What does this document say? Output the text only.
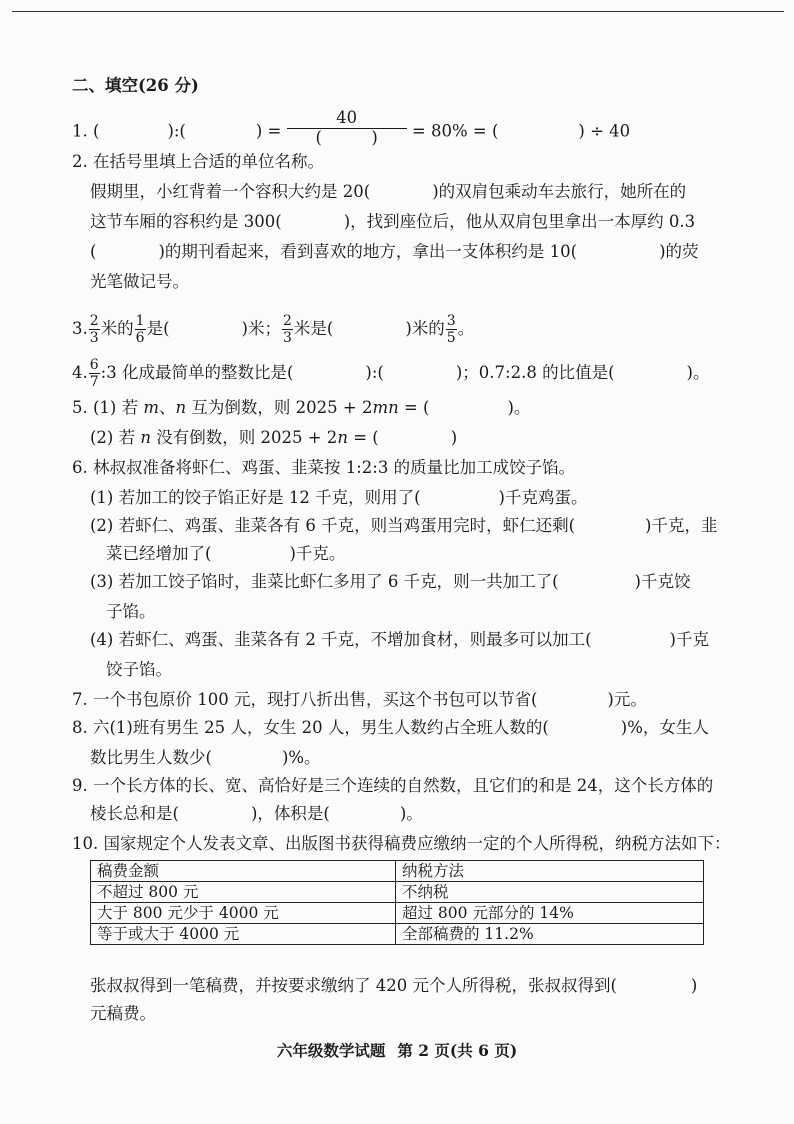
二、填空(26 分)
1. (	):(	) = $\frac{40}{( )} = 80\%$ = (	) ÷ 40
2. 在括号里填上合适的单位名称。
假期里，小红背着一个容积大约是 20(	)的双肩包乘动车去旅行，她所在的
这节车厢的容积约是 300(	)，找到座位后，他从双肩包里拿出一本厚约 0.3
(	)的期刊看起来，看到喜欢的地方，拿出一支体积约是 10(	)的荧
光笔做记号。
3. $\frac{2}{3}$ 米的 $\frac{1}{6}$ 是(	)米； $\frac{2}{3}$ 米是(	)米的 $\frac{3}{5}$ 。
4. $\frac{6}{7}$ :3 化成最简单的整数比是(	):(	)；0.7:2.8 的比值是(	)。
5. (1) 若 m、n 互为倒数，则 2025 + 2mn = (	)。
(2) 若 n 没有倒数，则 2025 + 2n = (	)
6. 林叔叔准备将虾仁、鸡蛋、韭菜按 1:2:3 的质量比加工成饺子馅。
(1) 若加工的饺子馅正好是 12 千克，则用了(	)千克鸡蛋。
(2) 若虾仁、鸡蛋、韭菜各有 6 千克，则当鸡蛋用完时，虾仁还剩(	)千克，韭
菜已经增加了(	)千克。
(3) 若加工饺子馅时，韭菜比虾仁多用了 6 千克，则一共加工了(	)千克饺
子馅。
(4) 若虾仁、鸡蛋、韭菜各有 2 千克，不增加食材，则最多可以加工(	)千克
饺子馅。
7. 一个书包原价 100 元，现打八折出售，买这个书包可以节省(	)元。
8. 六(1)班有男生 25 人，女生 20 人，男生人数约占全班人数的(	)%，女生人
数比男生人数少(	)%。
9. 一个长方体的长、宽、高恰好是三个连续的自然数，且它们的和是 24，这个长方体的
棱长总和是(	)，体积是(	)。
10. 国家规定个人发表文章、出版图书获得稿费应缴纳一定的个人所得税，纳税方法如下：
稿费金额	纳税方法
不超过 800 元	不纳税
大于 800 元少于 4000 元	超过 800 元部分的 14%
等于或大于 4000 元	全部稿费的 11.2%
张叔叔得到一笔稿费，并按要求缴纳了 420 元个人所得税，张叔叔得到(	)
元稿费。
六年级数学试题 第 2 页(共 6 页)
